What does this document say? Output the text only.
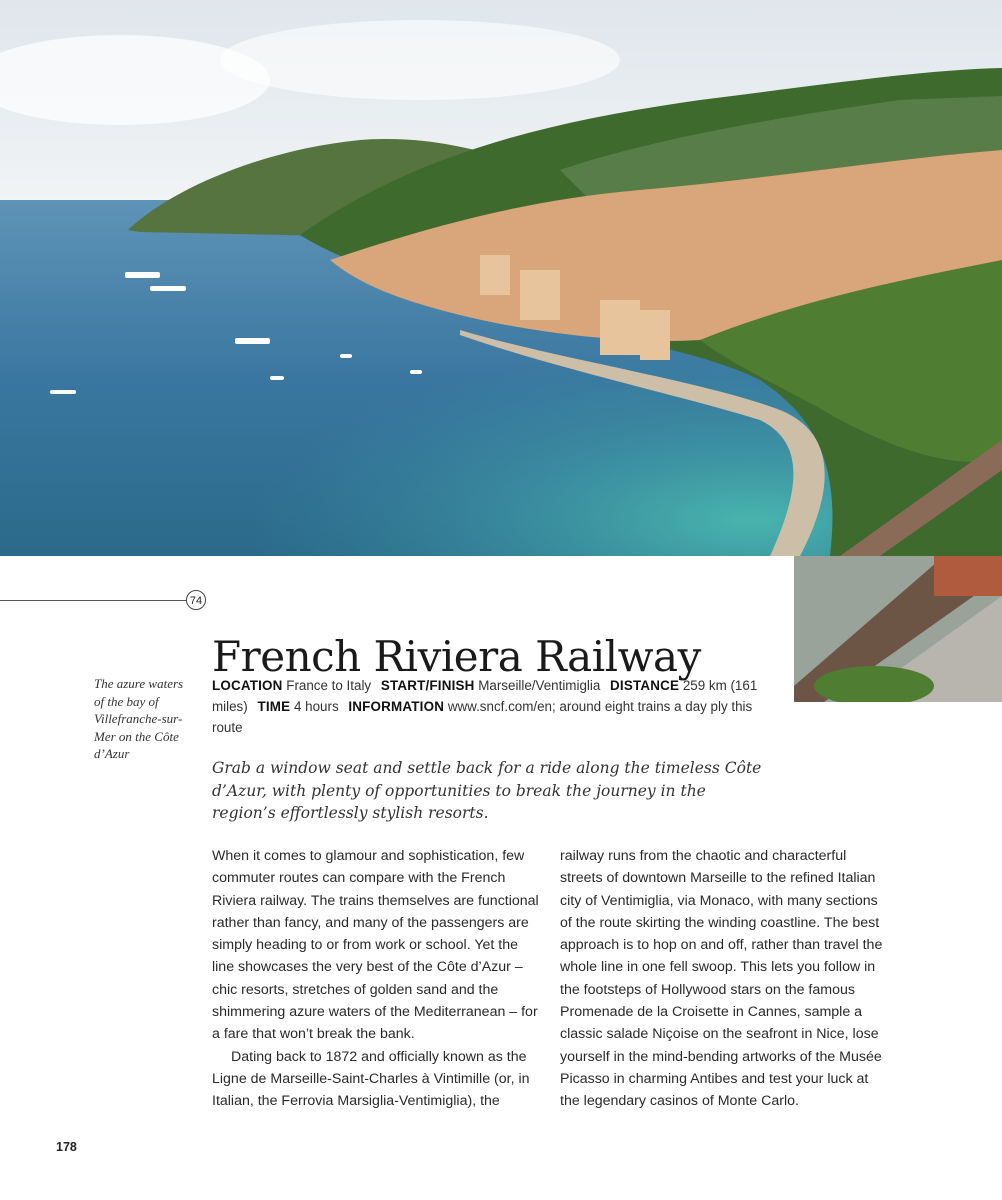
74
French Riviera Railway
The azure waters of the bay of Villefranche-sur-Mer on the Côte d’Azur
LOCATION France to Italy START/FINISH Marseille/Ventimiglia DISTANCE 259 km (161 miles) TIME 4 hours INFORMATION www.sncf.com/en; around eight trains a day ply this route
Grab a window seat and settle back for a ride along the timeless Côte d’Azur, with plenty of opportunities to break the journey in the region’s effortlessly stylish resorts.

When it comes to glamour and sophistication, few commuter routes can compare with the French Riviera railway. The trains themselves are functional rather than fancy, and many of the passengers are simply heading to or from work or school. Yet the line showcases the very best of the Côte d’Azur – chic resorts, stretches of golden sand and the shimmering azure waters of the Mediterranean – for a fare that won’t break the bank.

Dating back to 1872 and officially known as the Ligne de Marseille-Saint-Charles à Vintimille (or, in Italian, the Ferrovia Marsiglia-Ventimiglia), the

railway runs from the chaotic and characterful streets of downtown Marseille to the refined Italian city of Ventimiglia, via Monaco, with many sections of the route skirting the winding coastline. The best approach is to hop on and off, rather than travel the whole line in one fell swoop. This lets you follow in the footsteps of Hollywood stars on the famous Promenade de la Croisette in Cannes, sample a classic salade Niçoise on the seafront in Nice, lose yourself in the mind-bending artworks of the Musée Picasso in charming Antibes and test your luck at the legendary casinos of Monte Carlo.

178
